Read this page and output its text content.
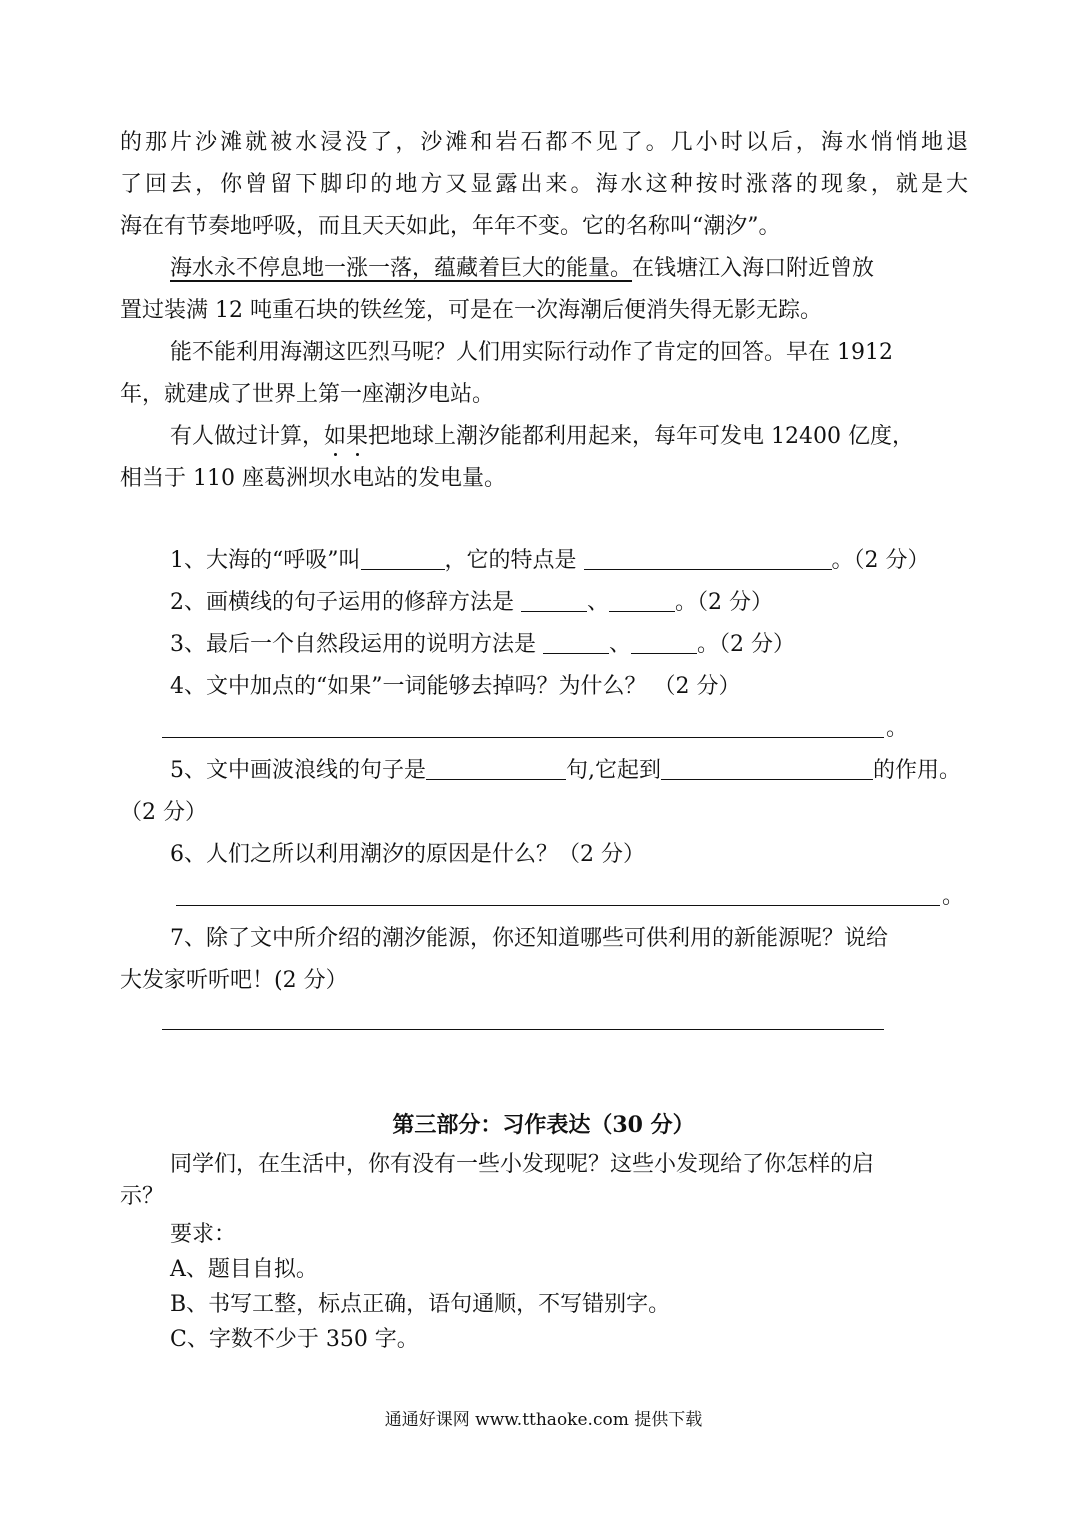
的那片沙滩就被水浸没了，沙滩和岩石都不见了。几小时以后，海水悄悄地退
了回去，你曾留下脚印的地方又显露出来。海水这种按时涨落的现象，就是大
海在有节奏地呼吸，而且天天如此，年年不变。它的名称叫“潮汐”。
海水永不停息地一涨一落，蕴藏着巨大的能量。在钱塘江入海口附近曾放
置过装满 12 吨重石块的铁丝笼，可是在一次海潮后便消失得无影无踪。
能不能利用海潮这匹烈马呢？人们用实际行动作了肯定的回答。早在 1912
年，就建成了世界上第一座潮汐电站。
有人做过计算，如果把地球上潮汐能都利用起来，每年可发电 12400 亿度，
相当于 110 座葛洲坝水电站的发电量。
1、大海的“呼吸”叫	，它的特点是	。（2 分）
2、画横线的句子运用的修辞方法是	、	。（2 分）
3、最后一个自然段运用的说明方法是	、	。（2 分）
4、文中加点的“如果”一词能够去掉吗？为什么？ （2 分）
。
5、文中画波浪线的句子是	句,它起到	的作用。
（2 分）
6、人们之所以利用潮汐的原因是什么？（2 分）
。
7、除了文中所介绍的潮汐能源，你还知道哪些可供利用的新能源呢？说给
大发家听听吧！(2 分）
第三部分：习作表达（30 分）
同学们，在生活中，你有没有一些小发现呢？这些小发现给了你怎样的启
示？
要求：
A、题目自拟。
B、书写工整，标点正确，语句通顺，不写错别字。
C、字数不少于 350 字。
通通好课网 www.tthaoke.com 提供下载
